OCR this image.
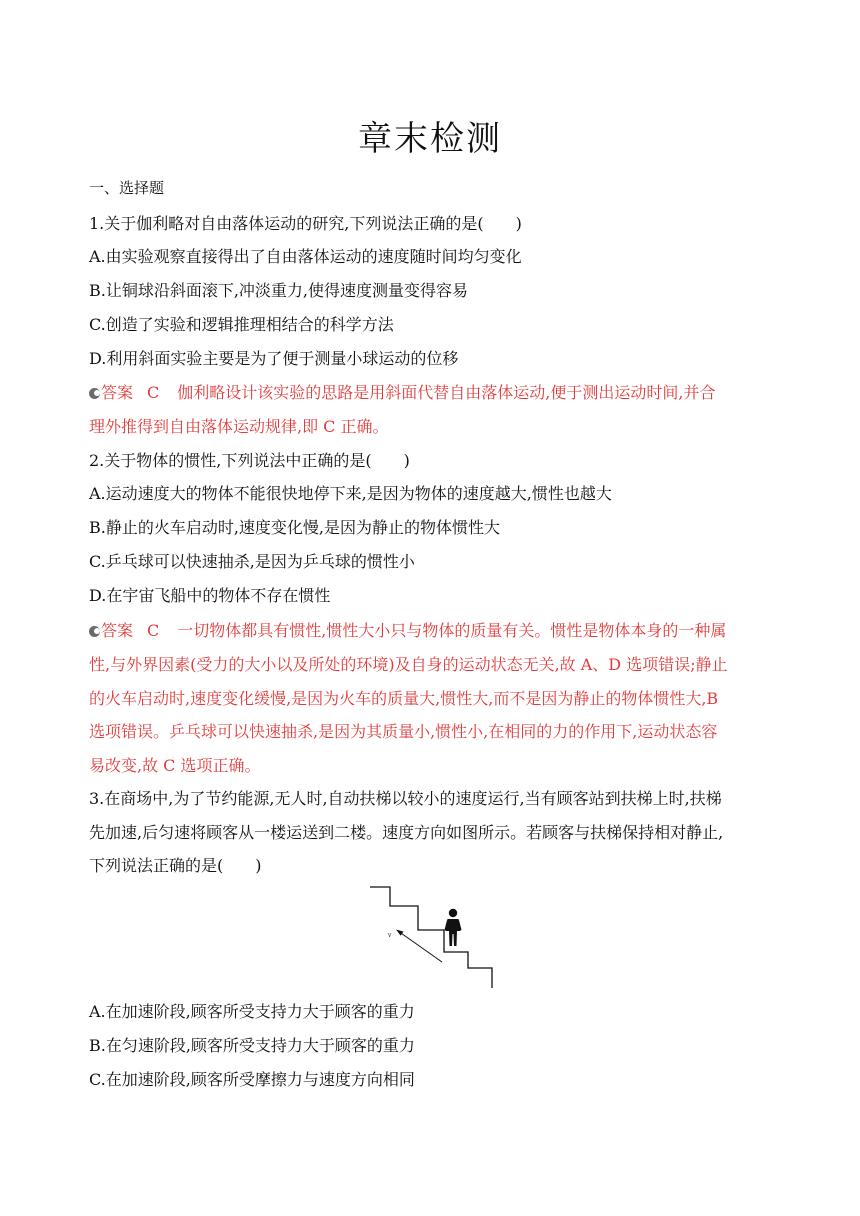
章末检测
一、选择题
1.关于伽利略对自由落体运动的研究,下列说法正确的是(　　)
A.由实验观察直接得出了自由落体运动的速度随时间均匀变化
B.让铜球沿斜面滚下,冲淡重力,使得速度测量变得容易
C.创造了实验和逻辑推理相结合的科学方法
D.利用斜面实验主要是为了便于测量小球运动的位移
答案 C 伽利略设计该实验的思路是用斜面代替自由落体运动,便于测出运动时间,并合
理外推得到自由落体运动规律,即 C 正确。
2.关于物体的惯性,下列说法中正确的是(　　)
A.运动速度大的物体不能很快地停下来,是因为物体的速度越大,惯性也越大
B.静止的火车启动时,速度变化慢,是因为静止的物体惯性大
C.乒乓球可以快速抽杀,是因为乒乓球的惯性小
D.在宇宙飞船中的物体不存在惯性
答案 C 一切物体都具有惯性,惯性大小只与物体的质量有关。惯性是物体本身的一种属
性,与外界因素(受力的大小以及所处的环境)及自身的运动状态无关,故 A、D 选项错误;静止
的火车启动时,速度变化缓慢,是因为火车的质量大,惯性大,而不是因为静止的物体惯性大,B
选项错误。乒乓球可以快速抽杀,是因为其质量小,惯性小,在相同的力的作用下,运动状态容
易改变,故 C 选项正确。
3.在商场中,为了节约能源,无人时,自动扶梯以较小的速度运行,当有顾客站到扶梯上时,扶梯
先加速,后匀速将顾客从一楼运送到二楼。速度方向如图所示。若顾客与扶梯保持相对静止,
下列说法正确的是(　　)
v
A.在加速阶段,顾客所受支持力大于顾客的重力
B.在匀速阶段,顾客所受支持力大于顾客的重力
C.在加速阶段,顾客所受摩擦力与速度方向相同
